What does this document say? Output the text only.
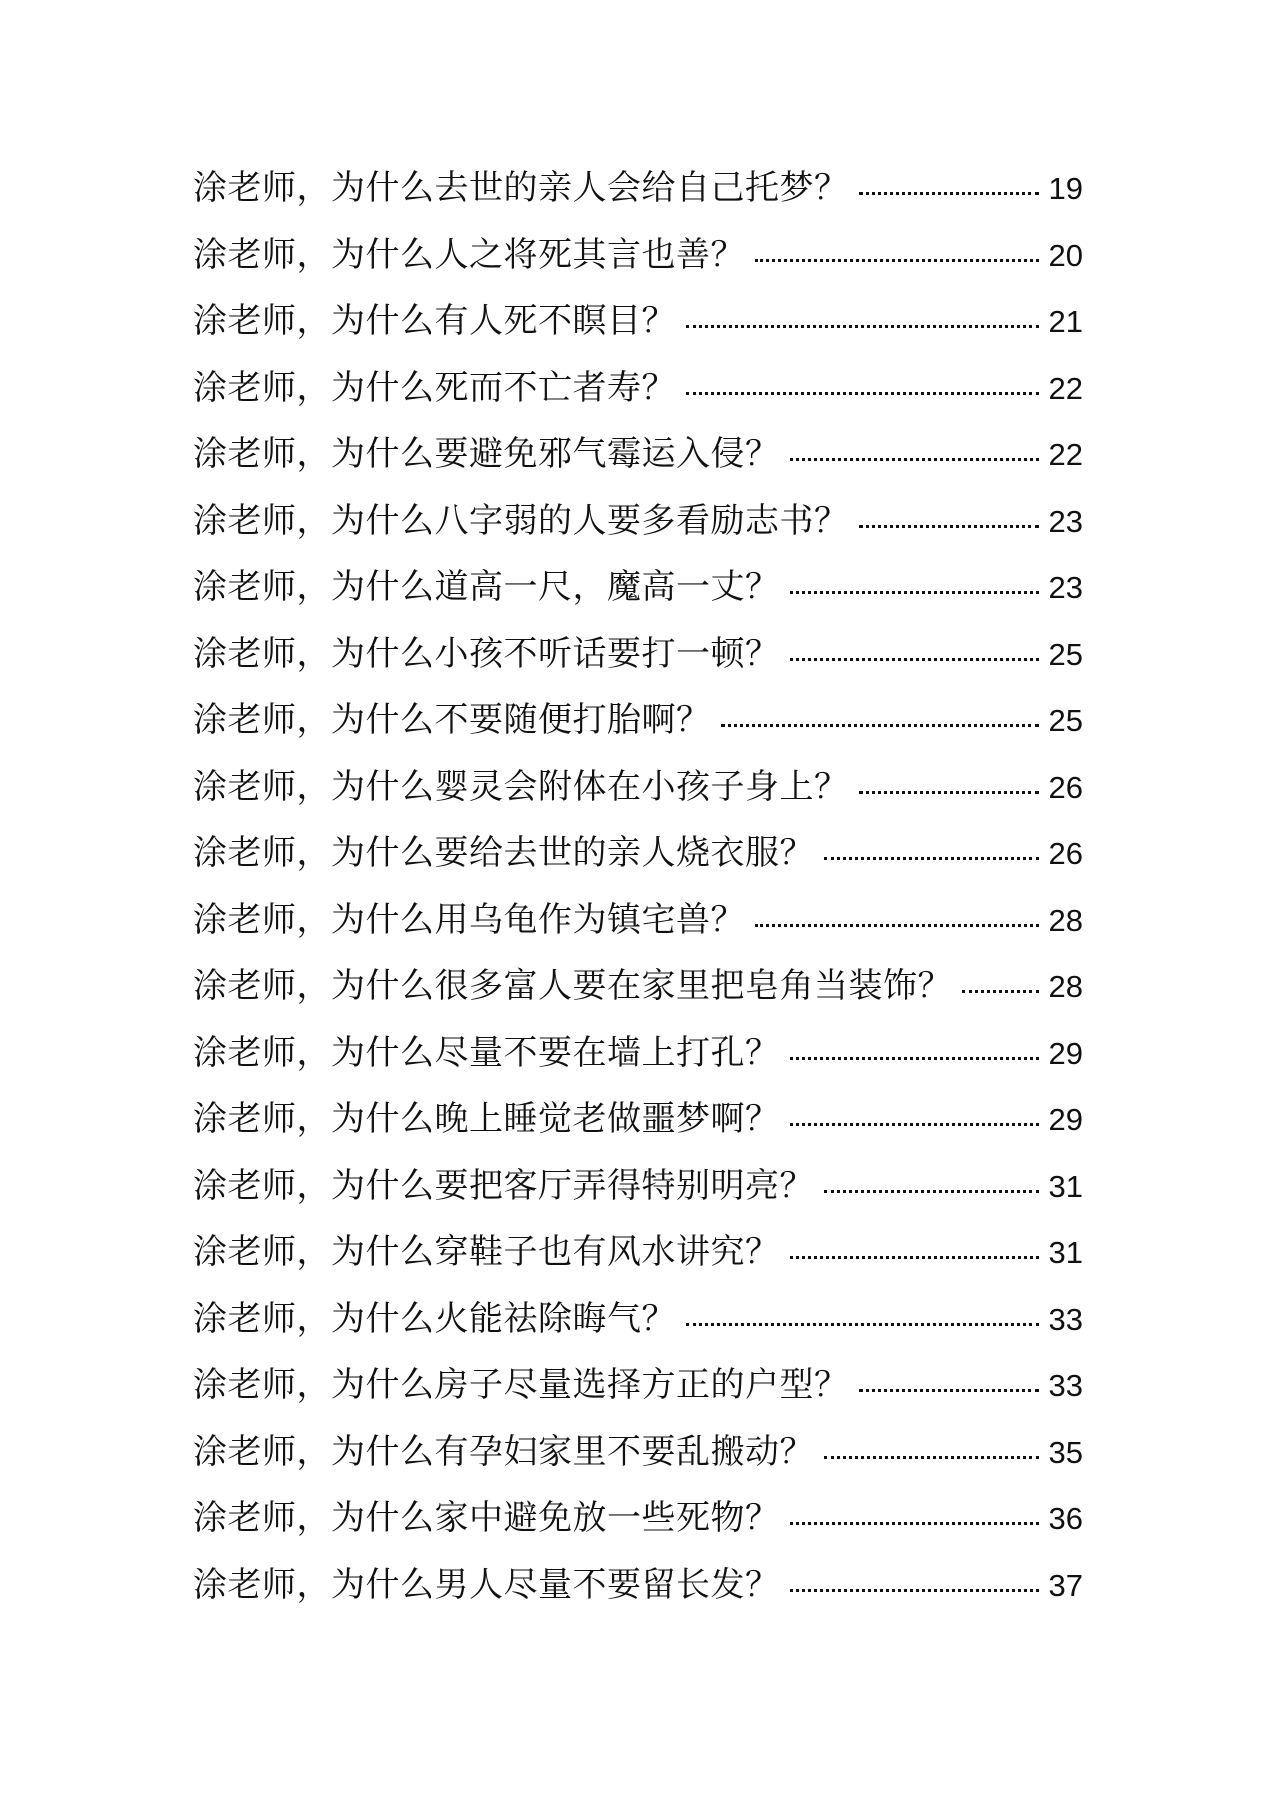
涂老师，为什么去世的亲人会给自己托梦？	19
涂老师，为什么人之将死其言也善？	20
涂老师，为什么有人死不瞑目？	21
涂老师，为什么死而不亡者寿？	22
涂老师，为什么要避免邪气霉运入侵？	22
涂老师，为什么八字弱的人要多看励志书？	23
涂老师，为什么道高一尺，魔高一丈？	23
涂老师，为什么小孩不听话要打一顿？	25
涂老师，为什么不要随便打胎啊？	25
涂老师，为什么婴灵会附体在小孩子身上？	26
涂老师，为什么要给去世的亲人烧衣服？	26
涂老师，为什么用乌龟作为镇宅兽？	28
涂老师，为什么很多富人要在家里把皂角当装饰？	28
涂老师，为什么尽量不要在墙上打孔？	29
涂老师，为什么晚上睡觉老做噩梦啊？	29
涂老师，为什么要把客厅弄得特别明亮？	31
涂老师，为什么穿鞋子也有风水讲究？	31
涂老师，为什么火能祛除晦气？	33
涂老师，为什么房子尽量选择方正的户型？	33
涂老师，为什么有孕妇家里不要乱搬动？	35
涂老师，为什么家中避免放一些死物？	36
涂老师，为什么男人尽量不要留长发？	37
